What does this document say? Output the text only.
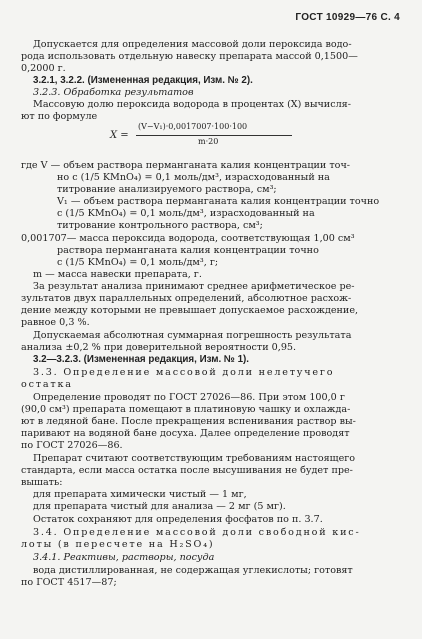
ГОСТ 10929—76 С. 4
Допускается для определения массовой доли пероксида водо-
рода использовать отдельную навеску препарата массой 0,1500—
0,2000 г.
3.2.1, 3.2.2. (Измененная редакция, Изм. № 2).
3.2.3. Обработка результатов
Массовую долю пероксида водорода в процентах (X) вычисля-
ют по формуле
где V — объем раствора перманганата калия концентрации точ-
но c (1/5 KMnO₄) = 0,1 моль/дм³, израсходованный на
титрование анализируемого раствора, см³;
V₁ — объем раствора перманганата калия концентрации точно
c (1/5 KMnO₄) = 0,1 моль/дм³, израсходованный на
титрование контрольного раствора, см³;
0,001707— масса пероксида водорода, соответствующая 1,00 см³
раствора перманганата калия концентрации точно
c (1/5 KMnO₄) = 0,1 моль/дм³, г;
m — масса навески препарата, г.
За результат анализа принимают среднее арифметическое ре-
зультатов двух параллельных определений, абсолютное расхож-
дение между которыми не превышает допускаемое расхождение,
равное 0,3 %.
Допускаемая абсолютная суммарная погрешность результата
анализа ±0,2 % при доверительной вероятности 0,95.
3.2—3.2.3. (Измененная редакция, Изм. № 1).
3.3. Определение массовой доли нелетучего
остатка
Определение проводят по ГОСТ 27026—86. При этом 100,0 г
(90,0 см³) препарата помещают в платиновую чашку и охлаждa-
ют в ледяной бане. После прекращения вспенивания раствор вы-
паривают на водяной бане досуха. Далее определение проводят
по ГОСТ 27026—86.
Препарат считают соответствующим требованиям настоящего
стандарта, если масса остатка после высушивания не будет пре-
вышать:
для препарата химически чистый — 1 мг,
для препарата чистый для анализа — 2 мг (5 мг).
Остаток сохраняют для определения фосфатов по п. 3.7.
3.4. Определение массовой доли свободной кис-
лоты (в пересчете на H₂SO₄)
3.4.1. Реактивы, растворы, посуда
вода дистиллированная, не содержащая углекислоты; готовят
по ГОСТ 4517—87;
X =
(V−V₁)·0,0017007·100·100
m·20
